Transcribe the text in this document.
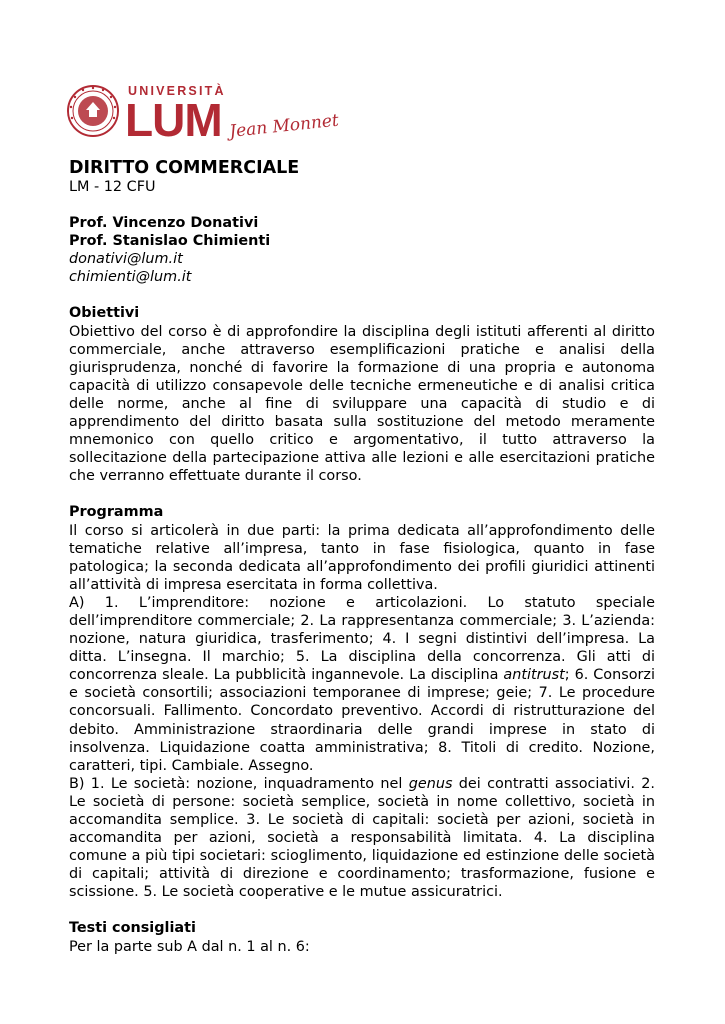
UNIVERSITÀ
LUM Jean Monnet
DIRITTO COMMERCIALE

LM - 12 CFU

Prof. Vincenzo Donativi

Prof. Stanislao Chimienti

donativi@lum.it

chimienti@lum.it

Obiettivi

Obiettivo del corso è di approfondire la disciplina degli istituti afferenti al diritto commerciale, anche attraverso esemplificazioni pratiche e analisi della giurisprudenza, nonché di favorire la formazione di una propria e autonoma capacità di utilizzo consapevole delle tecniche ermeneutiche e di analisi critica delle norme, anche al fine di sviluppare una capacità di studio e di apprendimento del diritto basata sulla sostituzione del metodo meramente mnemonico con quello critico e argomentativo, il tutto attraverso la sollecitazione della partecipazione attiva alle lezioni e alle esercitazioni pratiche che verranno effettuate durante il corso.

Programma

Il corso si articolerà in due parti: la prima dedicata all’approfondimento delle tematiche relative all’impresa, tanto in fase fisiologica, quanto in fase patologica; la seconda dedicata all’approfondimento dei profili giuridici attinenti all’attività di impresa esercitata in forma collettiva.

A) 1. L’imprenditore: nozione e articolazioni. Lo statuto speciale dell’imprenditore commerciale; 2. La rappresentanza commerciale; 3. L’azienda: nozione, natura giuridica, trasferimento; 4. I segni distintivi dell’impresa. La ditta. L’insegna. Il marchio; 5. La disciplina della concorrenza. Gli atti di concorrenza sleale. La pubblicità ingannevole. La disciplina antitrust; 6. Consorzi e società consortili; associazioni temporanee di imprese; geie; 7. Le procedure concorsuali. Fallimento. Concordato preventivo. Accordi di ristrutturazione del debito. Amministrazione straordinaria delle grandi imprese in stato di insolvenza. Liquidazione coatta amministrativa; 8. Titoli di credito. Nozione, caratteri, tipi. Cambiale. Assegno.

B) 1. Le società: nozione, inquadramento nel genus dei contratti associativi. 2. Le società di persone: società semplice, società in nome collettivo, società in accomandita semplice. 3. Le società di capitali: società per azioni, società in accomandita per azioni, società a responsabilità limitata. 4. La disciplina comune a più tipi societari: scioglimento, liquidazione ed estinzione delle società di capitali; attività di direzione e coordinamento; trasformazione, fusione e scissione. 5. Le società cooperative e le mutue assicuratrici.

Testi consigliati

Per la parte sub A dal n. 1 al n. 6:
